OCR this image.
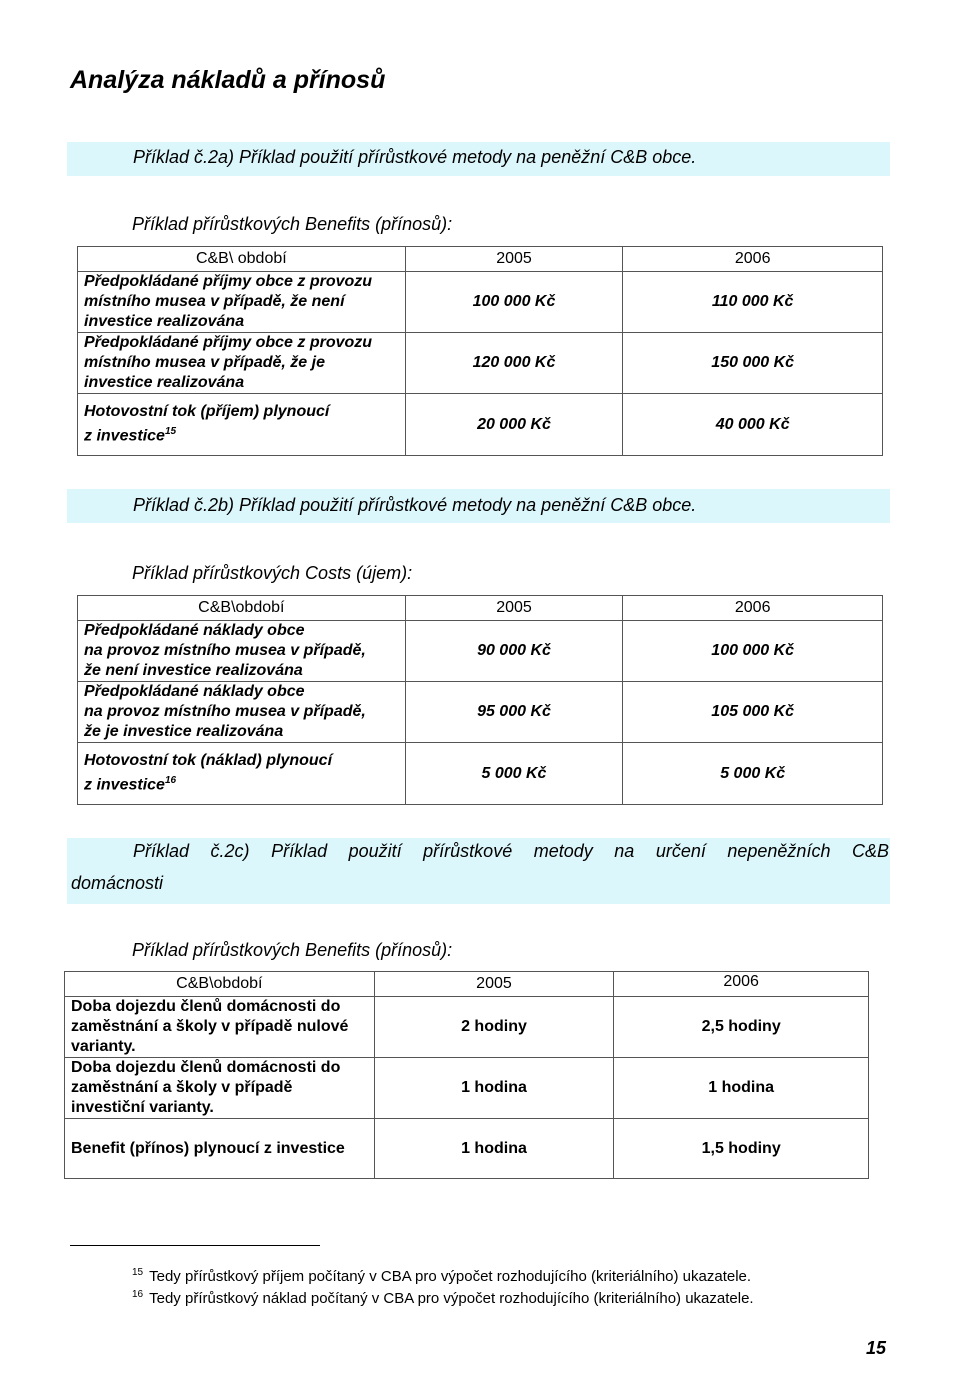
Analýza nákladů a přínosů
Příklad č.2a) Příklad použití přírůstkové metody na peněžní C&B obce.
Příklad přírůstkových Benefits (přínosů):
C&B\ období	2005	2006

Předpokládané příjmy obce z provozu
místního musea v případě, že není
investice realizována	100 000 Kč	110 000 Kč

Předpokládané příjmy obce z provozu
místního musea v případě, že je
investice realizována	120 000 Kč	150 000 Kč

Hotovostní tok (příjem) plynoucí
z investice$^{15}$	20 000 Kč	40 000 Kč
Příklad č.2b) Příklad použití přírůstkové metody na peněžní C&B obce.
Příklad přírůstkových Costs (újem):
C&B\období	2005	2006

Předpokládané náklady obce
na provoz místního musea v případě,
že není investice realizována	90 000 Kč	100 000 Kč

Předpokládané náklady obce
na provoz místního musea v případě,
že je investice realizována	95 000 Kč	105 000 Kč

Hotovostní tok (náklad) plynoucí
z investice$^{16}$	5 000 Kč	5 000 Kč
Příklad č.2c) Příklad použití přírůstkové metody na určení nepeněžních C&B
domácnosti
Příklad přírůstkových Benefits (přínosů):
C&B\období	2005	2006

Doba dojezdu členů domácnosti do
zaměstnání a školy v případě nulové
varianty.	2 hodiny	2,5 hodiny

Doba dojezdu členů domácnosti do
zaměstnání a školy v případě
investiční varianty.	1 hodina	1 hodina

Benefit (přínos) plynoucí z investice	1 hodina	1,5 hodiny
$^{15}$ Tedy přírůstkový příjem počítaný v CBA pro výpočet rozhodujícího (kriteriálního) ukazatele.
$^{16}$ Tedy přírůstkový náklad počítaný v CBA pro výpočet rozhodujícího (kriteriálního) ukazatele.
15
